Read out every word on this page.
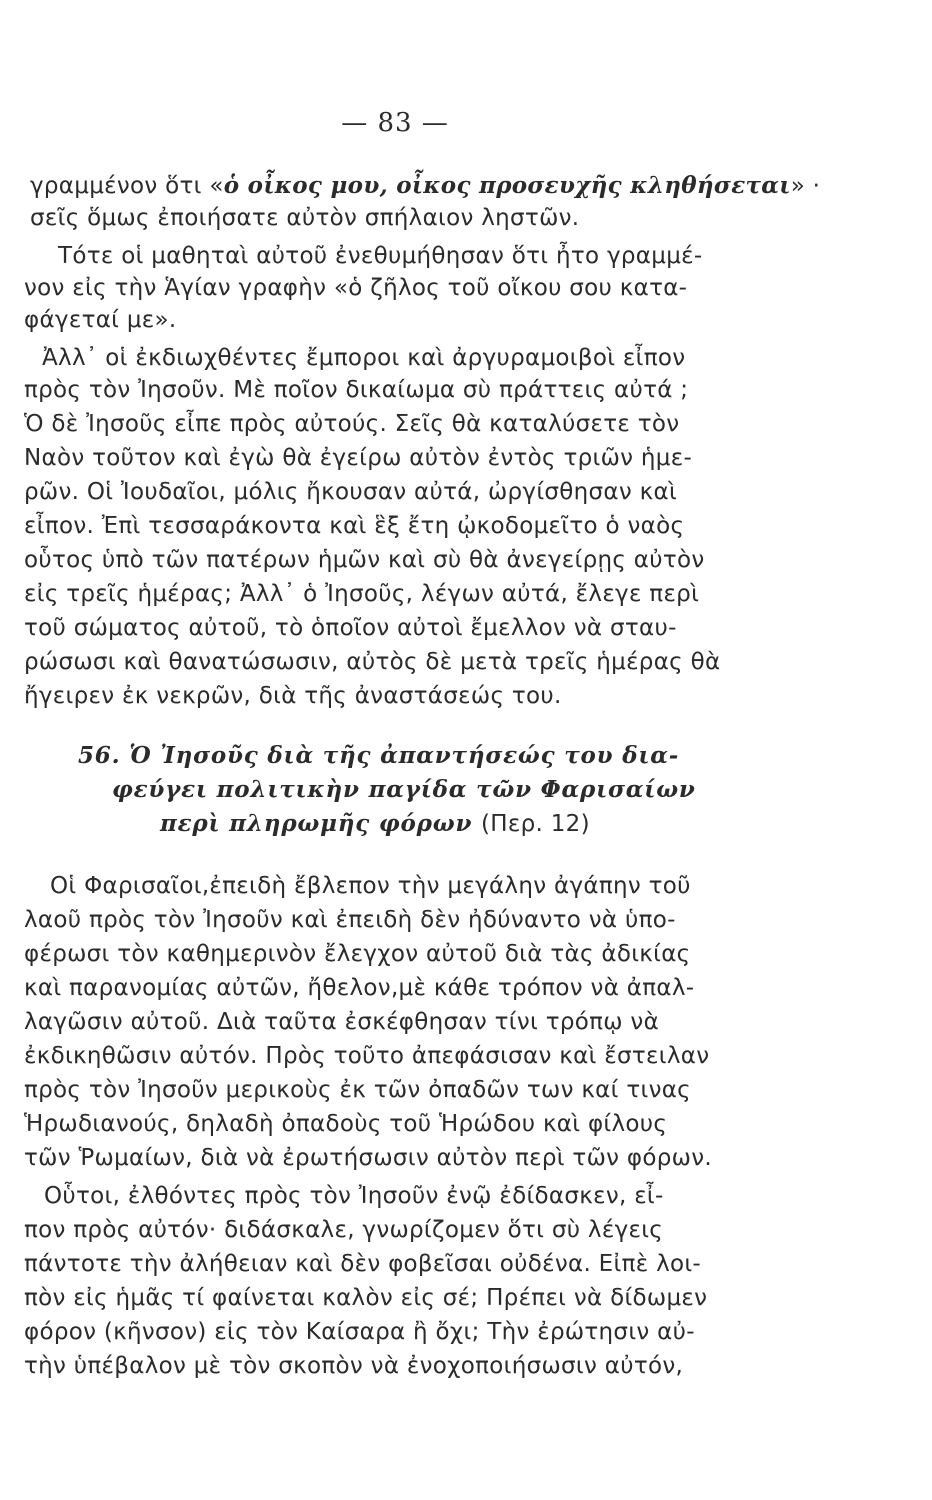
— 83 —
γραμμένον ὅτι «ὁ οἶκος μου, οἶκος προσευχῆς κληθήσεται» ·
σεῖς ὅμως ἐποιήσατε αὐτὸν σπήλαιον ληστῶν.
Τότε οἱ μαθηταὶ αὐτοῦ ἐνεθυμήθησαν ὅτι ἦτο γραμμέ-
νον εἰς τὴν Ἁγίαν γραφὴν «ὁ ζῆλος τοῦ οἴκου σου κατα-
φάγεταί με».
Ἀλλ᾽ οἱ ἐκδιωχθέντες ἔμποροι καὶ ἀργυραμοιβοὶ εἶπον
πρὸς τὸν Ἰησοῦν. Μὲ ποῖον δικαίωμα σὺ πράττεις αὐτά ;
Ὁ δὲ Ἰησοῦς εἶπε πρὸς αὐτούς. Σεῖς θὰ καταλύσετε τὸν
Ναὸν τοῦτον καὶ ἐγὼ θὰ ἐγείρω αὐτὸν ἐντὸς τριῶν ἡμε-
ρῶν. Οἱ Ἰουδαῖοι, μόλις ἤκουσαν αὐτά, ὠργίσθησαν καὶ
εἶπον. Ἐπὶ τεσσαράκοντα καὶ ἓξ ἔτη ᾠκοδομεῖτο ὁ ναὸς
οὗτος ὑπὸ τῶν πατέρων ἡμῶν καὶ σὺ θὰ ἀνεγείρῃς αὐτὸν
εἰς τρεῖς ἡμέρας; Ἀλλ᾽ ὁ Ἰησοῦς, λέγων αὐτά, ἔλεγε περὶ
τοῦ σώματος αὐτοῦ, τὸ ὁποῖον αὐτοὶ ἔμελλον νὰ σταυ-
ρώσωσι καὶ θανατώσωσιν, αὐτὸς δὲ μετὰ τρεῖς ἡμέρας θὰ
ἤγειρεν ἐκ νεκρῶν, διὰ τῆς ἀναστάσεώς του.
56. Ὁ Ἰησοῦς διὰ τῆς ἀπαντήσεώς του δια-
φεύγει πολιτικὴν παγίδα τῶν Φαρισαίων
περὶ πληρωμῆς φόρων (Περ. 12)
Οἱ Φαρισαῖοι,ἐπειδὴ ἔβλεπον τὴν μεγάλην ἀγάπην τοῦ
λαοῦ πρὸς τὸν Ἰησοῦν καὶ ἐπειδὴ δὲν ἠδύναντο νὰ ὑπο-
φέρωσι τὸν καθημερινὸν ἔλεγχον αὐτοῦ διὰ τὰς ἀδικίας
καὶ παρανομίας αὐτῶν, ἤθελον,μὲ κάθε τρόπον νὰ ἀπαλ-
λαγῶσιν αὐτοῦ. Διὰ ταῦτα ἐσκέφθησαν τίνι τρόπῳ νὰ
ἐκδικηθῶσιν αὐτόν. Πρὸς τοῦτο ἀπεφάσισαν καὶ ἔστειλαν
πρὸς τὸν Ἰησοῦν μερικοὺς ἐκ τῶν ὀπαδῶν των καί τινας
Ἡρωδιανούς, δηλαδὴ ὀπαδοὺς τοῦ Ἡρώδου καὶ φίλους
τῶν Ῥωμαίων, διὰ νὰ ἐρωτήσωσιν αὐτὸν περὶ τῶν φόρων.
Οὗτοι, ἐλθόντες πρὸς τὸν Ἰησοῦν ἐνῷ ἐδίδασκεν, εἶ-
πον πρὸς αὐτόν· διδάσκαλε, γνωρίζομεν ὅτι σὺ λέγεις
πάντοτε τὴν ἀλήθειαν καὶ δὲν φοβεῖσαι οὐδένα. Εἰπὲ λοι-
πὸν εἰς ἡμᾶς τί φαίνεται καλὸν εἰς σέ; Πρέπει νὰ δίδωμεν
φόρον (κῆνσον) εἰς τὸν Καίσαρα ἢ ὄχι; Τὴν ἐρώτησιν αὐ-
τὴν ὑπέβαλον μὲ τὸν σκοπὸν νὰ ἐνοχοποιήσωσιν αὐτόν,
